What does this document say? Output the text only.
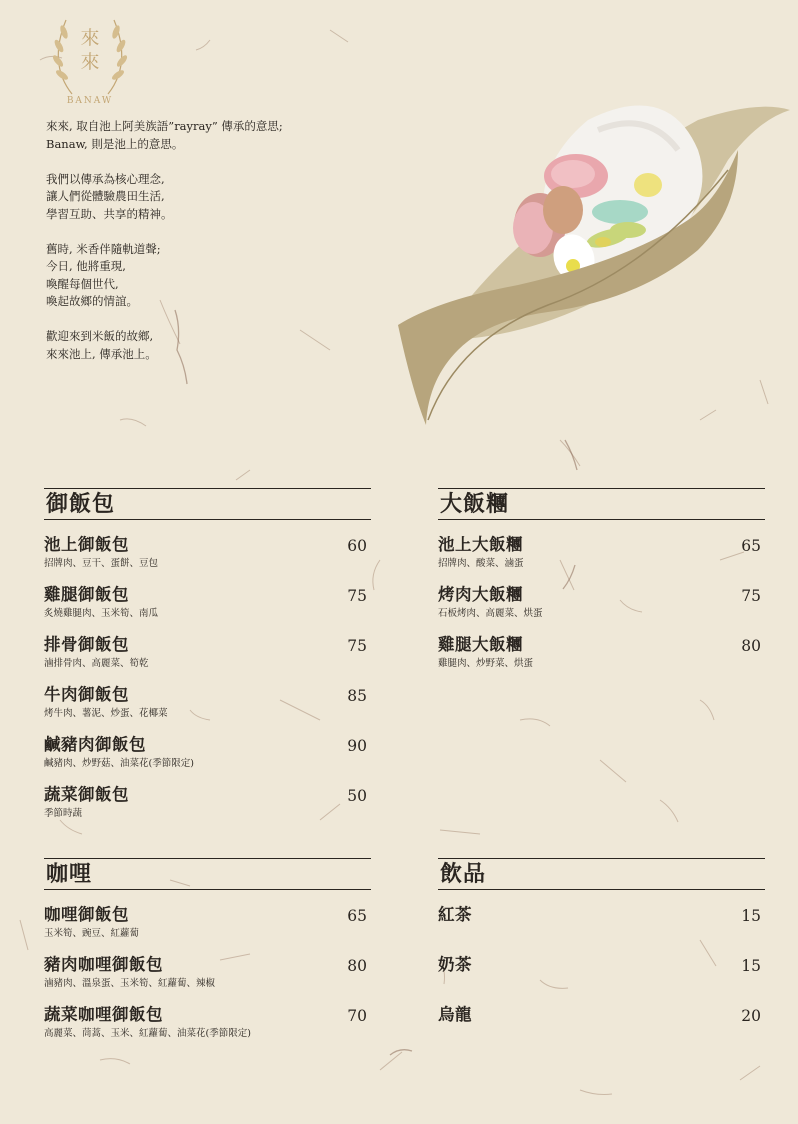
來
來
BANAW

來來, 取自池上阿美族語”rayray” 傳承的意思;
Banaw, 則是池上的意思。

我們以傳承為核心理念,
讓人們從體驗農田生活,
學習互助、共享的精神。

舊時, 米香伴隨軌道聲;
今日, 他將重現,
喚醒每個世代,
喚起故鄉的情誼。

歡迎來到米飯的故鄉,
來來池上, 傳承池上。

御飯包
池上御飯包	60
招牌肉、豆干、蛋餅、豆包
雞腿御飯包	75
炙燒雞腿肉、玉米筍、南瓜
排骨御飯包	75
滷排骨肉、高麗菜、筍乾
牛肉御飯包	85
烤牛肉、薯泥、炒蛋、花椰菜
鹹豬肉御飯包	90
鹹豬肉、炒野菇、油菜花(季節限定)
蔬菜御飯包	50
季節時蔬
大飯糰
池上大飯糰	65
招牌肉、酸菜、滷蛋
烤肉大飯糰	75
石板烤肉、高麗菜、烘蛋
雞腿大飯糰	80
雞腿肉、炒野菜、烘蛋
咖哩
咖哩御飯包	65
玉米筍、豌豆、紅蘿蔔
豬肉咖哩御飯包	80
滷豬肉、溫泉蛋、玉米筍、紅蘿蔔、辣椒
蔬菜咖哩御飯包	70
高麗菜、茼蒿、玉米、紅蘿蔔、油菜花(季節限定)
飲品
紅茶	15
奶茶	15
烏龍	20
